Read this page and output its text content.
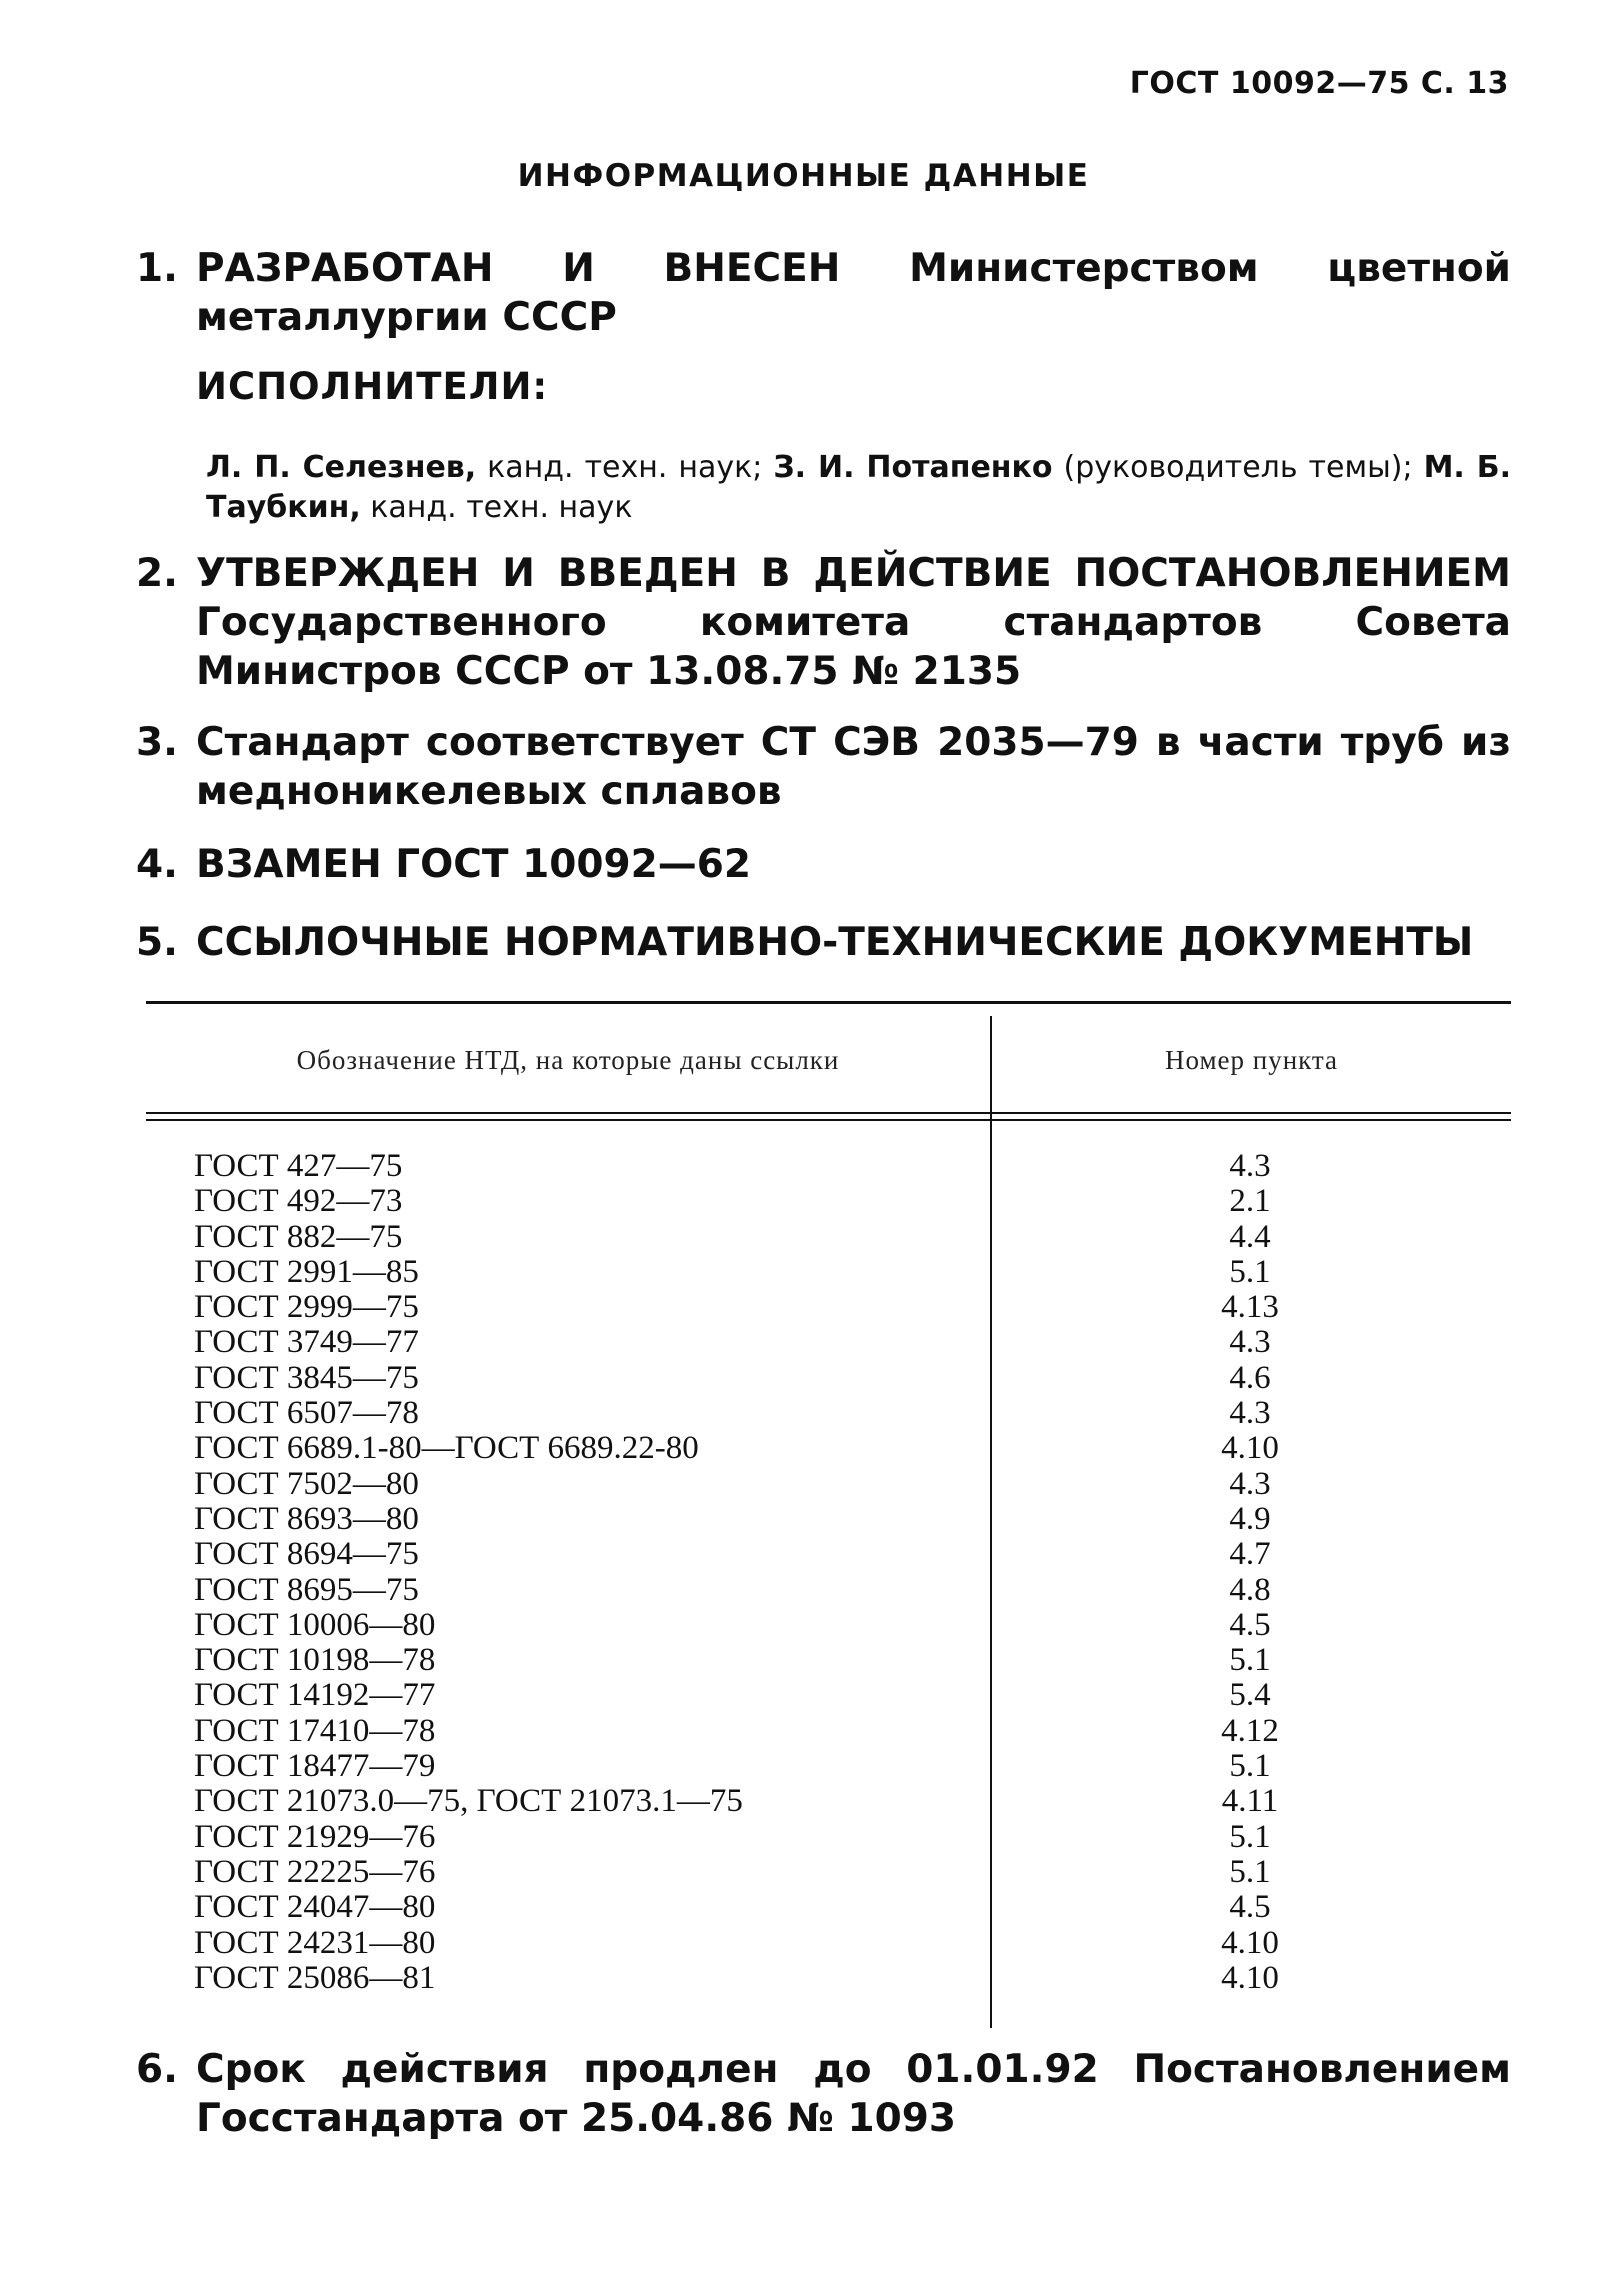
ГОСТ 10092—75 С. 13
ИНФОРМАЦИОННЫЕ ДАННЫЕ
1. РАЗРАБОТАН И ВНЕСЕН Министерством цветной металлургии СССР
ИСПОЛНИТЕЛИ:
Л. П. Селезнев, канд. техн. наук; З. И. Потапенко (руководитель темы); М. Б. Таубкин, канд. техн. наук
2. УТВЕРЖДЕН И ВВЕДЕН В ДЕЙСТВИЕ ПОСТАНОВЛЕНИЕМ Государственного комитета стандартов Совета Министров СССР от 13.08.75 № 2135
3. Стандарт соответствует СТ СЭВ 2035—79 в части труб из медноникелевых сплавов
4. ВЗАМЕН ГОСТ 10092—62
5. ССЫЛОЧНЫЕ НОРМАТИВНО-ТЕХНИЧЕСКИЕ ДОКУМЕНТЫ
Обозначение НТД, на которые даны ссылки	Номер пункта
ГОСТ 427—75
ГОСТ 492—73
ГОСТ 882—75
ГОСТ 2991—85
ГОСТ 2999—75
ГОСТ 3749—77
ГОСТ 3845—75
ГОСТ 6507—78
ГОСТ 6689.1-80—ГОСТ 6689.22-80
ГОСТ 7502—80
ГОСТ 8693—80
ГОСТ 8694—75
ГОСТ 8695—75
ГОСТ 10006—80
ГОСТ 10198—78
ГОСТ 14192—77
ГОСТ 17410—78
ГОСТ 18477—79
ГОСТ 21073.0—75, ГОСТ 21073.1—75
ГОСТ 21929—76
ГОСТ 22225—76
ГОСТ 24047—80
ГОСТ 24231—80
ГОСТ 25086—81
4.3
2.1
4.4
5.1
4.13
4.3
4.6
4.3
4.10
4.3
4.9
4.7
4.8
4.5
5.1
5.4
4.12
5.1
4.11
5.1
5.1
4.5
4.10
4.10
6. Срок действия продлен до 01.01.92 Постановлением Госстандарта от 25.04.86 № 1093
